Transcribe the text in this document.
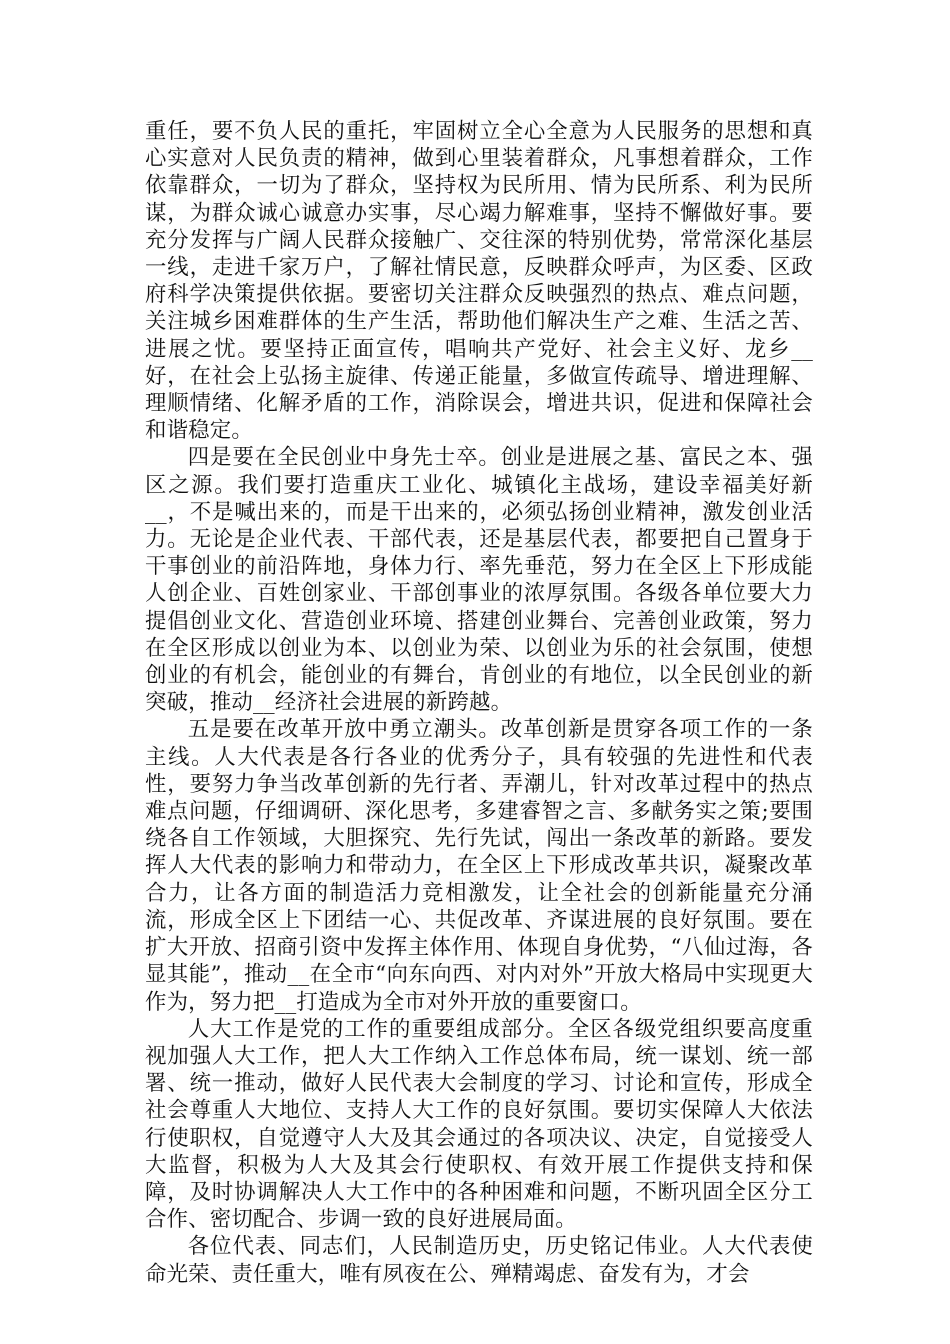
重任，要不负人民的重托，牢固树立全心全意为人民服务的思想和真心实意对人民负责的精神，做到心里装着群众，凡事想着群众，工作依靠群众，一切为了群众，坚持权为民所用、情为民所系、利为民所谋，为群众诚心诚意办实事，尽心竭力解难事，坚持不懈做好事。要充分发挥与广阔人民群众接触广、交往深的特别优势，常常深化基层一线，走进千家万户，了解社情民意，反映群众呼声，为区委、区政府科学决策提供依据。要密切关注群众反映强烈的热点、难点问题，关注城乡困难群体的生产生活，帮助他们解决生产之难、生活之苦、进展之忧。要坚持正面宣传，唱响共产党好、社会主义好、龙乡__好，在社会上弘扬主旋律、传递正能量，多做宣传疏导、增进理解、理顺情绪、化解矛盾的工作，消除误会，增进共识，促进和保障社会和谐稳定。

四是要在全民创业中身先士卒。创业是进展之基、富民之本、强区之源。我们要打造重庆工业化、城镇化主战场，建设幸福美好新__，不是喊出来的，而是干出来的，必须弘扬创业精神，激发创业活力。无论是企业代表、干部代表，还是基层代表，都要把自己置身于干事创业的前沿阵地，身体力行、率先垂范，努力在全区上下形成能人创企业、百姓创家业、干部创事业的浓厚氛围。各级各单位要大力提倡创业文化、营造创业环境、搭建创业舞台、完善创业政策，努力在全区形成以创业为本、以创业为荣、以创业为乐的社会氛围，使想创业的有机会，能创业的有舞台，肯创业的有地位，以全民创业的新突破，推动__经济社会进展的新跨越。

五是要在改革开放中勇立潮头。改革创新是贯穿各项工作的一条主线。人大代表是各行各业的优秀分子，具有较强的先进性和代表性，要努力争当改革创新的先行者、弄潮儿，针对改革过程中的热点难点问题，仔细调研、深化思考，多建睿智之言、多献务实之策;要围绕各自工作领域，大胆探究、先行先试，闯出一条改革的新路。要发挥人大代表的影响力和带动力，在全区上下形成改革共识，凝聚改革合力，让各方面的制造活力竞相激发，让全社会的创新能量充分涌流，形成全区上下团结一心、共促改革、齐谋进展的良好氛围。要在扩大开放、招商引资中发挥主体作用、体现自身优势，“八仙过海，各显其能”，推动__在全市“向东向西、对内对外”开放大格局中实现更大作为，努力把__打造成为全市对外开放的重要窗口。

人大工作是党的工作的重要组成部分。全区各级党组织要高度重视加强人大工作，把人大工作纳入工作总体布局，统一谋划、统一部署、统一推动，做好人民代表大会制度的学习、讨论和宣传，形成全社会尊重人大地位、支持人大工作的良好氛围。要切实保障人大依法行使职权，自觉遵守人大及其会通过的各项决议、决定，自觉接受人大监督，积极为人大及其会行使职权、有效开展工作提供支持和保障，及时协调解决人大工作中的各种困难和问题，不断巩固全区分工合作、密切配合、步调一致的良好进展局面。

各位代表、同志们，人民制造历史，历史铭记伟业。人大代表使命光荣、责任重大，唯有夙夜在公、殚精竭虑、奋发有为，才会
